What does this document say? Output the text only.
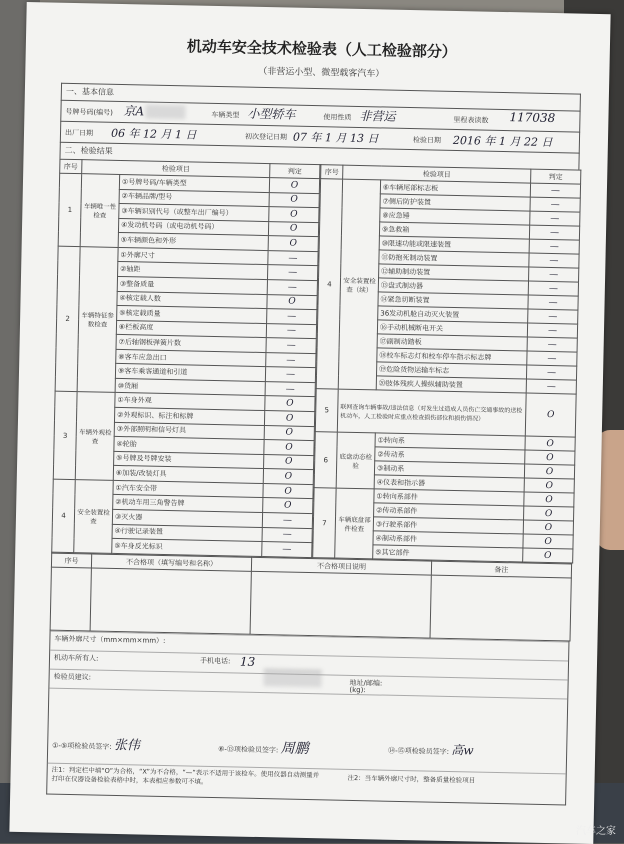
机动车安全技术检验表（人工检验部分）
（非营运小型、微型载客汽车）
一、基本信息
号牌号码(编号) 京A	车辆类型 小型轿车	使用性质 非营运	里程表读数 117038
出厂日期 06 年 12 月 1 日	初次登记日期 07 年 1 月 13 日	检验日期 2016 年 1 月 22 日
二、检验结果
序号	检验项目		判定
1	车辆唯一性检查	①号牌号码/车辆类型	O
		②车辆品牌/型号	O
		③车辆识别代号（或整车出厂编号）	O
		④发动机号码（或电动机号码）	O
		⑤车辆颜色和外形	O
2	车辆特征参数检查	①外廓尺寸	—
		②轴距	—
		③整备质量	—
		④核定载人数	O
		⑤核定载质量	—
		⑥栏板高度	—
		⑦后轴钢板弹簧片数	—
		⑧客车应急出口	—
		⑨客车乘客通道和引道	—
		⑩货厢	—
3	车辆外观检查	①车身外观	O
		②外观标识、标注和标牌	O
		③外部照明和信号灯具	O
		④轮胎	O
		⑤号牌及号牌安装	O
		⑥加装/改装灯具	O
4	安全装置检查	①汽车安全带	O
		②机动车用三角警告牌	O
		③灭火器	—
		④行驶记录装置	—
		⑤车身反光标识	—
序号	检验项目		判定
4	安全装置检查（续）	⑥车辆尾部标志板	—
		⑦侧后防护装置	—
		⑧应急锤	—
		⑨急救箱	—
		⑩限速功能或限速装置	—
		⑪防抱死制动装置	—
		⑫辅助制动装置	—
		⑬盘式制动器	—
		⑭紧急切断装置	—
		36发动机舱自动灭火装置	—
		⑯手动机械断电开关	—
		⑰副制动踏板	—
		⑱校车标志灯和校车停车指示标志牌	—
		⑲危险货物运输车标志	—
		⑳肢体残疾人操纵辅助装置	—
5	联网查询车辆事故/违法信息（对发生过造成人员伤亡交通事故的送检机动车，人工检验时应重点检查损伤部位和损伤情况）		O
6	底盘动态检验	①转向系	O
		②传动系	O
		③制动系	O
		④仪表和指示器	O
7	车辆底盘部件检查	①转向系部件	O
		②传动系部件	O
		③行驶系部件	O
		④制动系部件	O
		⑤其它部件	O
序号	不合格项（填写编号和名称）	不合格项目说明	备注

车辆外廓尺寸（mm×mm×mm）:
机动车所有人:	手机电话: 13
(kg):
检验员建议:
地址/邮编:
①-⑤项检验员签字: 张伟	⑥-⑬项检验员签字: 周鹏	⑭-⑮项检验员签字: 高w
注1：判定栏中填“O”为合格，“X”为不合格，“—”表示不适用于该检车。使用仪器自动测量并打印在仪器设备检验表格中时，本表相应参数可不填。	注2：当车辆外廓尺寸时，整备质量检验项目
汽车之家
